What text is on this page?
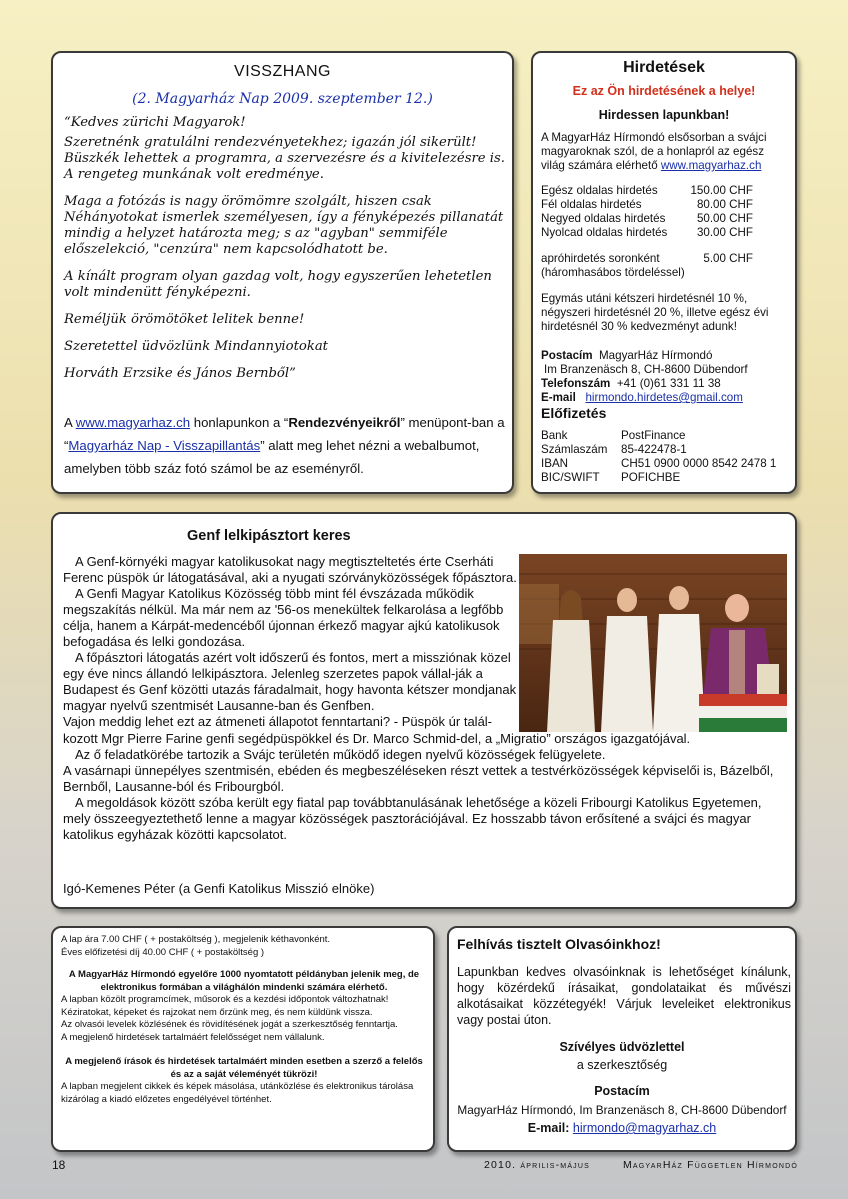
VISSZHANG
(2. Magyarház Nap 2009. szeptember 12.)

“Kedves zürichi Magyarok!

Szeretnénk gratulálni rendezvényetekhez; igazán jól sikerült! Büszkék lehettek a programra, a szervezésre és a kivitelezésre is. A rengeteg munkának volt eredménye.

Maga a fotózás is nagy örömömre szolgált, hiszen csak Néhányotokat ismerlek személyesen, így a fényképezés pillanatát mindig a helyzet határozta meg; s az "agyban" semmiféle előszelekció, "cenzúra" nem kapcsolódhatott be.

A kínált program olyan gazdag volt, hogy egyszerűen lehetetlen volt mindenütt fényképezni.

Reméljük örömötöket lelitek benne!

Szeretettel üdvözlünk Mindannyiotokat

Horváth Erzsike és János Bernből”

A www.magyarhaz.ch honlapunkon a “Rendezvényeikről” menüpont-ban a “Magyarház Nap - Visszapillantás” alatt meg lehet nézni a webalbumot, amelyben több száz fotó számol be az eseményről.
Hirdetések
Ez az Ön hirdetésének a helye!
Hirdessen lapunkban!
A MagyarHáz Hírmondó elsősorban a svájci magyaroknak szól, de a honlapról az egész világ számára elérhető www.magyarhaz.ch
Egész oldalas hirdetés	150.00 CHF
Fél oldalas hirdetés	80.00 CHF
Negyed oldalas hirdetés	50.00 CHF
Nyolcad oldalas hirdetés	30.00 CHF
apróhirdetés soronként	5.00 CHF
(háromhasábos tördeléssel)
Egymás utáni kétszeri hirdetésnél 10 %, négyszeri hirdetésnél 20 %, illetve egész évi hirdetésnél 30 % kedvezményt adunk!
Postacím MagyarHáz Hírmondó
Im Branzenäsch 8, CH-8600 Dübendorf
Telefonszám +41 (0)61 331 11 38
E-mail hirmondo.hirdetes@gmail.com
Előfizetés
Bank	PostFinance
Számlaszám	85-422478-1
IBAN	CH51 0900 0000 8542 2478 1
BIC/SWIFT	POFICHBE
Genf lelkipásztort keres

A Genf-környéki magyar katolikusokat nagy megtiszteltetés érte Cserháti Ferenc püspök úr látogatásával, aki a nyugati szórványközösségek főpásztora.

A Genfi Magyar Katolikus Közösség több mint fél évszázada működik megszakítás nélkül. Ma már nem az '56-os menekültek felkarolása a legfőbb célja, hanem a Kárpát-medencéből újonnan érkező magyar ajkú katolikusok befogadása és lelki gondozása.

A főpásztori látogatás azért volt időszerű és fontos, mert a missziónak közel egy éve nincs állandó lelkipásztora. Jelenleg szerzetes papok vállal-ják a Budapest és Genf közötti utazás fáradalmait, hogy havonta kétszer mondjanak magyar nyelvű szentmisét Lausanne-ban és Genfben.

Vajon meddig lehet ezt az átmeneti állapotot fenntartani? - Püspök úr talál-

kozott Mgr Pierre Farine genfi segédpüspökkel és Dr. Marco Schmid-del, a „Migratio” országos igazgatójával.

Az ő feladatkörébe tartozik a Svájc területén működő idegen nyelvű közösségek felügyelete.

A vasárnapi ünnepélyes szentmisén, ebéden és megbeszéléseken részt vettek a testvérközösségek képviselői is, Bázelből, Bernből, Lausanne-ból és Fribourgból.

A megoldások között szóba került egy fiatal pap továbbtanulásának lehetősége a közeli Fribourgi Katolikus Egyetemen, mely összeegyeztethető lenne a magyar közösségek pasztorációjával. Ez hosszabb távon erősítené a svájci és magyar katolikus egyházak közötti kapcsolatot.

Igó-Kemenes Péter (a Genfi Katolikus Misszió elnöke)
A lap ára 7.00 CHF ( + postaköltség ), megjelenik kéthavonként.
Éves előfizetési díj 40.00 CHF ( + postaköltség )
A MagyarHáz Hírmondó egyelőre 1000 nyomtatott példányban jelenik meg, de elektronikus formában a világhálón mindenki számára elérhető.
A lapban közölt programcímek, műsorok és a kezdési időpontok változhatnak!
Kéziratokat, képeket és rajzokat nem őrzünk meg, és nem küldünk vissza.
Az olvasói levelek közlésének és rövidítésének jogát a szerkesztőség fenntartja.
A megjelenő hirdetések tartalmáért felelősséget nem vállalunk.
A megjelenő írások és hirdetések tartalmáért minden esetben a szerző a felelős és az a saját véleményét tükrözi!
A lapban megjelent cikkek és képek másolása, utánközlése és elektronikus tárolása kizárólag a kiadó előzetes engedélyével történhet.
Felhívás tisztelt Olvasóinkhoz!
Lapunkban kedves olvasóinknak is lehetőséget kínálunk, hogy közérdekű írásaikat, gondolataikat és művészi alkotásaikat közzétegyék! Várjuk leveleiket elektronikus vagy postai úton.
Szívélyes üdvözlettel
a szerkesztőség
Postacím
MagyarHáz Hírmondó, Im Branzenäsch 8, CH-8600 Dübendorf
E-mail: hirmondo@magyarhaz.ch
18	2010. április-május	MagyarHáz Független Hírmondó
